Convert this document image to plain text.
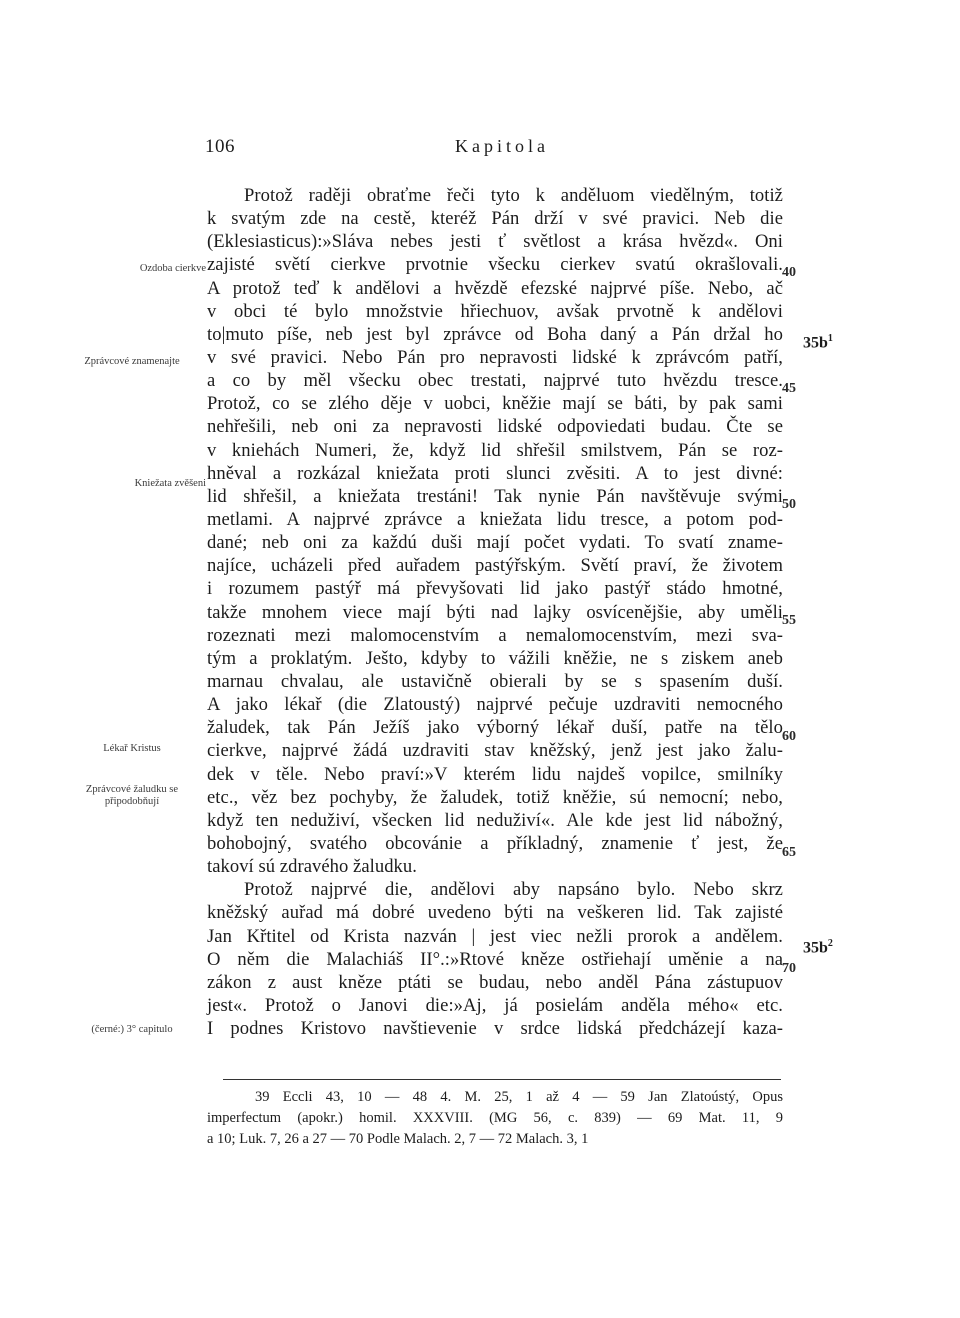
106	Kapitola
Protož raději obraťme řeči tyto k anděluom viedělným, totiž
k svatým zde na cestě, kteréž Pán drží v své pravici. Neb die
(Eklesiasticus):»Sláva nebes jesti ť světlost a krása hvězd«. Oni
zajisté světí cierkve prvotnie všecku cierkev svatú okrašlovali.
A protož teď k andělovi a hvězdě efezské najprvé píše. Nebo, ač
v obci té bylo množstvie hřiechuov, avšak prvotně k andělovi
to|muto píše, neb jest byl zprávce od Boha daný a Pán držal ho
v své pravici. Nebo Pán pro nepravosti lidské k zprávcóm patří,
a co by měl všecku obec trestati, najprvé tuto hvězdu tresce.
Protož, co se zlého děje v uobci, kněžie mají se báti, by pak sami
nehřešili, neb oni za nepravosti lidské odpoviedati budau. Čte se
v kniehách Numeri, že, když lid shřešil smilstvem, Pán se roz-
hněval a rozkázal kniežata proti slunci zvěsiti. A to jest divné:
lid shřešil, a kniežata trestáni! Tak nynie Pán navštěvuje svými
metlami. A najprvé zprávce a kniežata lidu tresce, a potom pod-
dané; neb oni za každú duši mají počet vydati. To svatí zname-
najíce, ucházeli před auřadem pastýřským. Světí praví, že životem
i rozumem pastýř má převyšovati lid jako pastýř stádo hmotné,
takže mnohem viece mají býti nad lajky osvícenějšie, aby uměli
rozeznati mezi malomocenstvím a nemalomocenstvím, mezi sva-
tým a proklatým. Ješto, kdyby to vážili kněžie, ne s ziskem aneb
marnau chvalau, ale ustavičně obierali by se s spasením duší.
A jako lékař (die Zlatoustý) najprvé pečuje uzdraviti nemocného
žaludek, tak Pán Ježíš jako výborný lékař duší, patře na tělo
cierkve, najprvé žádá uzdraviti stav kněžský, jenž jest jako žalu-
dek v těle. Nebo praví:»V kterém lidu najdeš vopilce, smilníky
etc., věz bez pochyby, že žaludek, totiž kněžie, sú nemocní; nebo,
když ten neduživí, všecken lid neduživí«. Ale kde jest lid nábožný,
bohobojný, svatého obcovánie a příkladný, znamenie ť jest, že
takoví sú zdravého žaludku.
Protož najprvé die, andělovi aby napsáno bylo. Nebo skrz
kněžský auřad má dobré uvedeno býti na veškeren lid. Tak zajisté
Jan Křtitel od Krista nazván | jest viec nežli prorok a andělem.
O něm die Malachiáš II°.:»Rtové kněze ostřiehají uměnie a na
zákon z aust kněze ptáti se budau, nebo anděl Pána zástupuov
jest«. Protož o Janovi die:»Aj, já posielám anděla mého« etc.
I podnes Kristovo navštievenie v srdce lidská předcházejí kaza-
Ozdoba cierkve
Zprávcové znamenajte
Kniežata zvěšeni
Lékař Kristus
Zprávcové žaludku se připodobňují
(černé:) 3° capitulo
40
45
50
55
60
65
70
$35b^1$
$35b^2$
39 Eccli 43, 10 — 48 4. M. 25, 1 až 4 — 59 Jan Zlatoústý, Opus
imperfectum (apokr.) homil. XXXVIII. (MG 56, c. 839) — 69 Mat. 11, 9
a 10; Luk. 7, 26 a 27 — 70 Podle Malach. 2, 7 — 72 Malach. 3, 1
